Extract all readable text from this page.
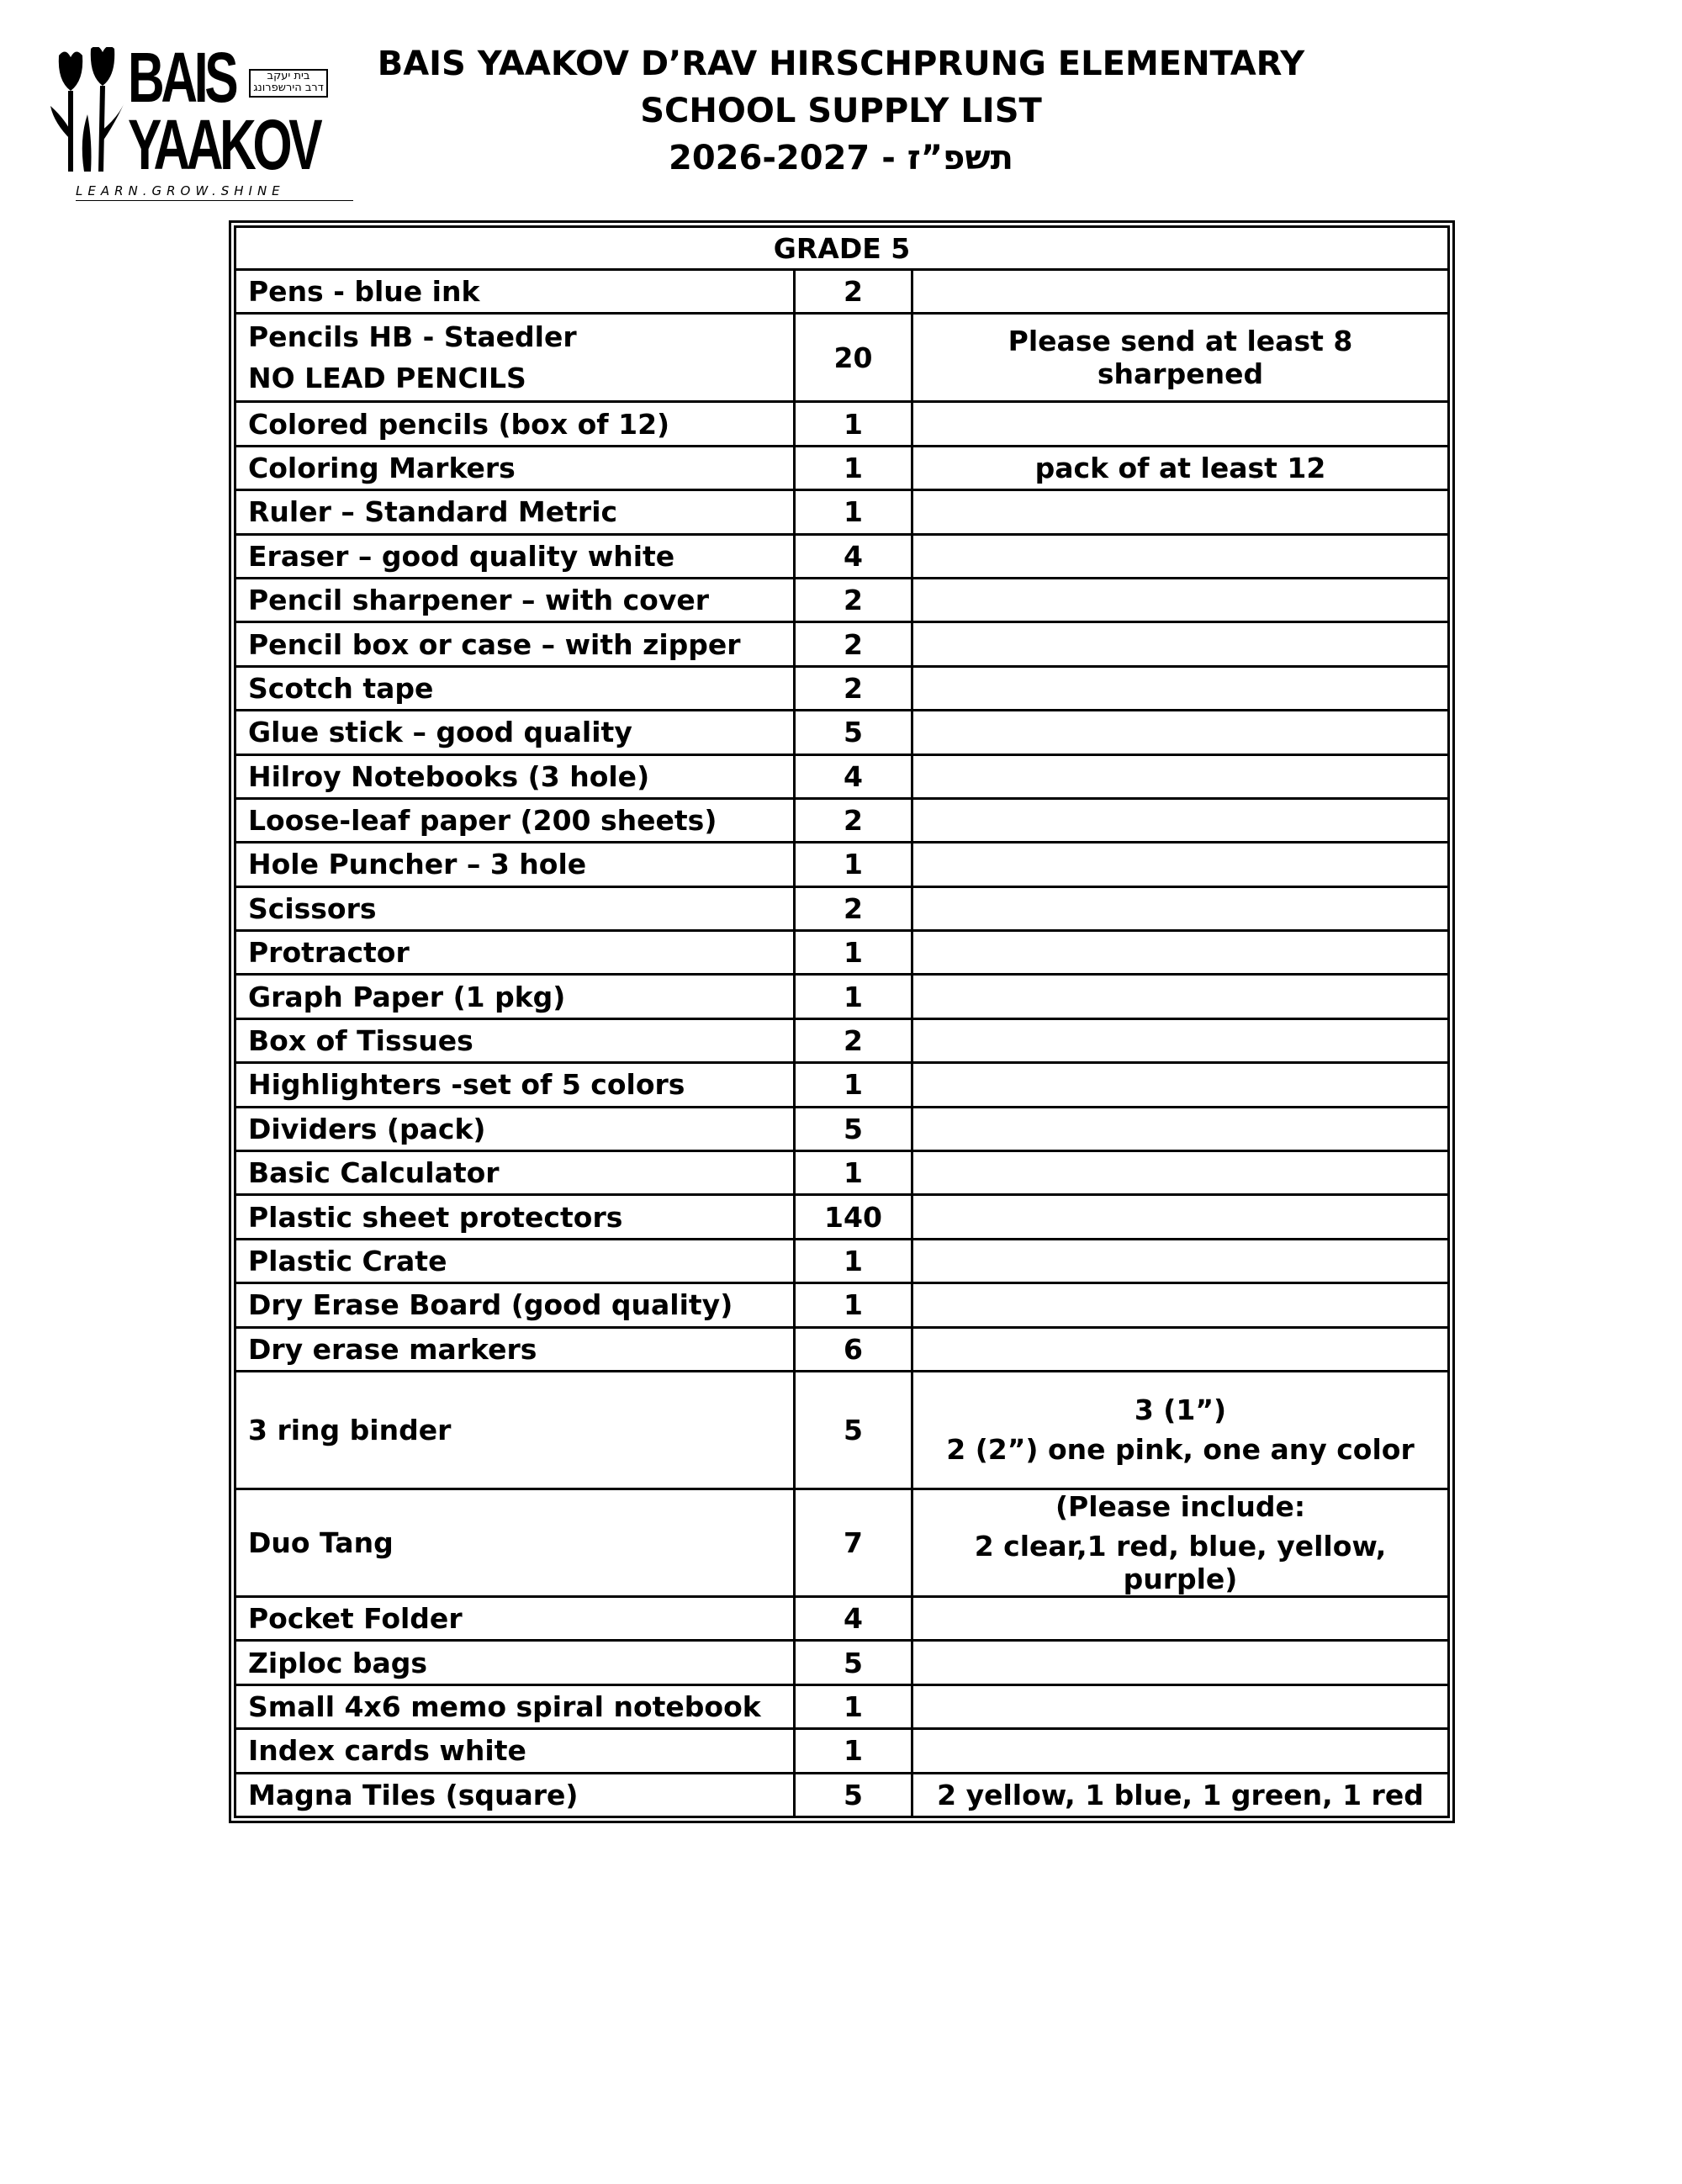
BAIS
YAAKOV
בית יעקב
דרב הירשפרונג
LEARN.GROW.SHINE
BAIS YAAKOV D’RAV HIRSCHPRUNG ELEMENTARY
SCHOOL SUPPLY LIST
תשפ”ז - 2026-2027
GRADE 5		

Pens - blue ink	2	

Pencils HB - Staedler
NO LEAD PENCILS	20	Please send at least 8 sharpened

Colored pencils (box of 12)	1	

Coloring Markers	1	pack of at least 12

Ruler – Standard Metric	1	

Eraser – good quality white	4	

Pencil sharpener – with cover	2	

Pencil box or case – with zipper	2	

Scotch tape	2	

Glue stick – good quality	5	

Hilroy Notebooks (3 hole)	4	

Loose-leaf paper (200 sheets)	2	

Hole Puncher – 3 hole	1	

Scissors	2	

Protractor	1	

Graph Paper (1 pkg)	1	

Box of Tissues	2	

Highlighters -set of 5 colors	1	

Dividers (pack)	5	

Basic Calculator	1	

Plastic sheet protectors	140	

Plastic Crate	1	

Dry Erase Board (good quality)	1	

Dry erase markers	6	

3 ring binder	5	3 (1”)
2 (2”) one pink, one any color

Duo Tang	7	(Please include:
2 clear,1 red, blue, yellow, purple)

Pocket Folder	4	

Ziploc bags	5	

Small 4x6 memo spiral notebook	1	

Index cards white	1	

Magna Tiles (square)	5	2 yellow, 1 blue, 1 green, 1 red
